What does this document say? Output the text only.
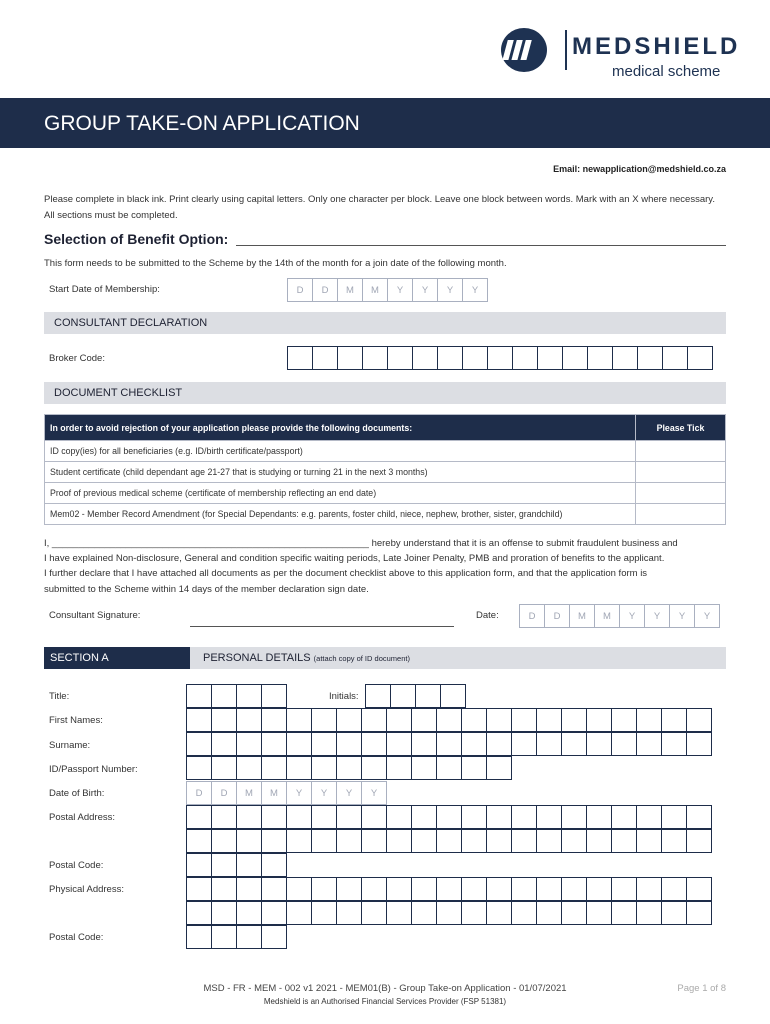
MEDSHIELD
medical scheme
GROUP TAKE-ON APPLICATION
Email: newapplication@medshield.co.za
Please complete in black ink. Print clearly using capital letters. Only one character per block. Leave one block between words. Mark with an X where necessary. All sections must be completed.
Selection of Benefit Option:
This form needs to be submitted to the Scheme by the 14th of the month for a join date of the following month.
Start Date of Membership:	D	D	M	M	Y	Y	Y	Y
CONSULTANT DECLARATION
Broker Code:
DOCUMENT CHECKLIST
In order to avoid rejection of your application please provide the following documents:	Please Tick
ID copy(ies) for all beneficiaries (e.g. ID/birth certificate/passport)	
Student certificate (child dependant age 21-27 that is studying or turning 21 in the next 3 months)	
Proof of previous medical scheme (certificate of membership reflecting an end date)	
Mem02 - Member Record Amendment (for Special Dependants: e.g. parents, foster child, niece, nephew, brother, sister, grandchild)	
I, ____________________________________________________________ hereby understand that it is an offense to submit fraudulent business and
I have explained Non-disclosure, General and condition specific waiting periods, Late Joiner Penalty, PMB and proration of benefits to the applicant.
I further declare that I have attached all documents as per the document checklist above to this application form, and that the application form is
submitted to the Scheme within 14 days of the member declaration sign date.
Consultant Signature:	Date:	D	D	M	M	Y	Y	Y	Y
SECTION A	PERSONAL DETAILS (attach copy of ID document)
Title:	Initials:
First Names:
Surname:
ID/Passport Number:
Date of Birth:	D	D	M	M	Y	Y	Y	Y
Postal Address:
Postal Code:
Physical Address:
Postal Code:
MSD - FR - MEM - 002 v1 2021 - MEM01(B) - Group Take-on Application - 01/07/2021
Medshield is an Authorised Financial Services Provider (FSP 51381)
Page 1 of 8
